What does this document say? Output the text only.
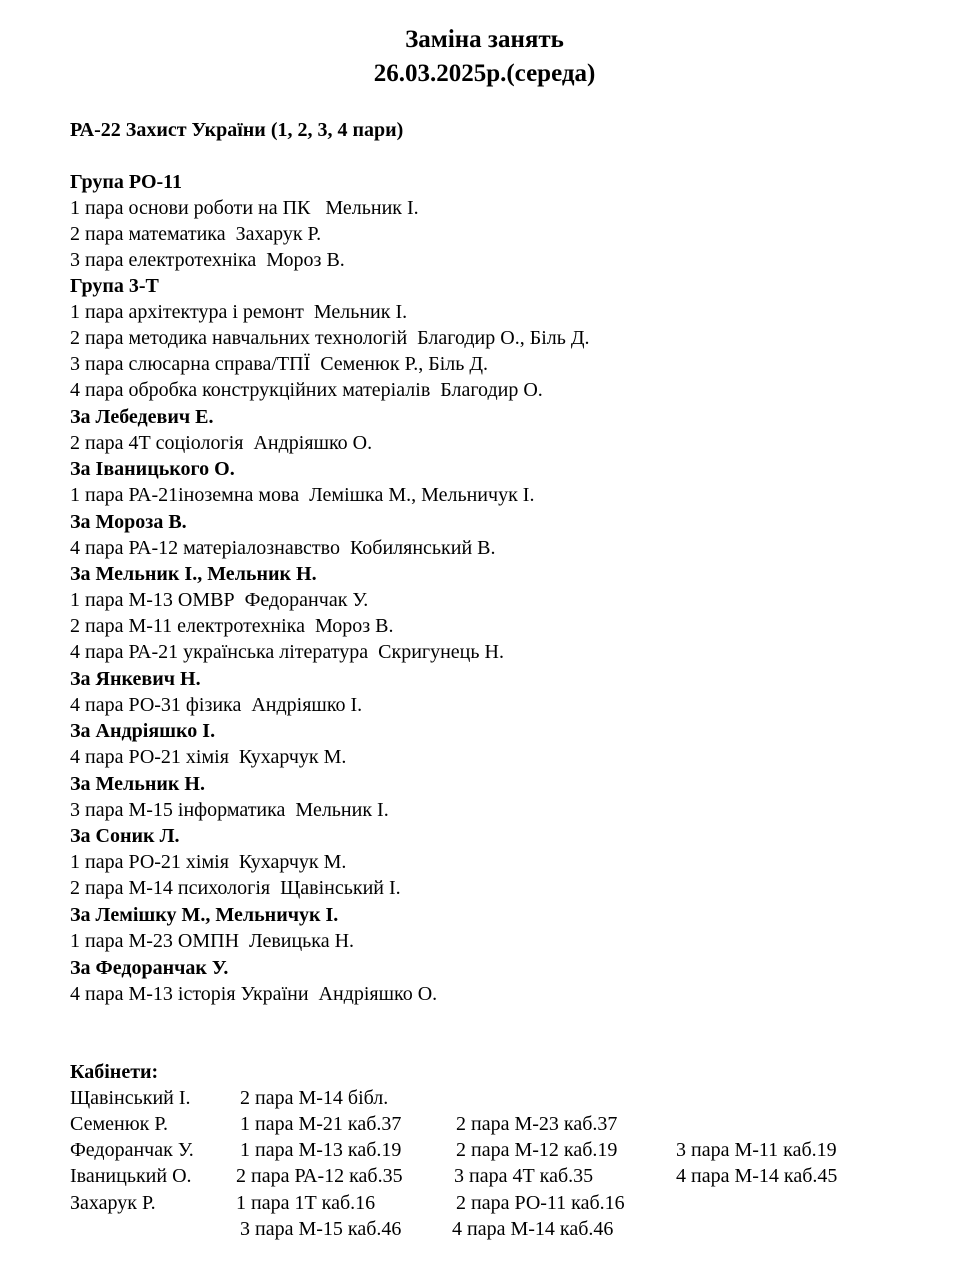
Заміна занять
26.03.2025р.(середа)
РА-22 Захист України (1, 2, 3, 4 пари)
Група РО-11
1 пара основи роботи на ПК   Мельник І.
2 пара математика  Захарук Р.
3 пара електротехніка  Мороз В.
Група 3-Т
1 пара архітектура і ремонт  Мельник І.
2 пара методика навчальних технологій  Благодир О., Біль Д.
3 пара слюсарна справа/ТПЇ  Семенюк Р., Біль Д.
4 пара обробка конструкційних матеріалів  Благодир О.
За Лебедевич Е.
2 пара 4Т соціологія  Андріяшко О.
За Іваницького О.
1 пара РА-21іноземна мова  Лемішка М., Мельничук І.
За Мороза В.
4 пара РА-12 матеріалознавство  Кобилянський В.
За Мельник І., Мельник Н.
1 пара М-13 ОМВР  Федоранчак У.
2 пара М-11 електротехніка  Мороз В.
4 пара РА-21 українська література  Скригунець Н.
За Янкевич Н.
4 пара РО-31 фізика  Андріяшко І.
За Андріяшко І.
4 пара РО-21 хімія  Кухарчук М.
За Мельник Н.
3 пара М-15 інформатика  Мельник І.
За Соник Л.
1 пара РО-21 хімія  Кухарчук М.
2 пара М-14 психологія  Щавінський І.
За Лемішку М., Мельничук І.
1 пара М-23 ОМПН  Левицька Н.
За Федоранчак У.
4 пара М-13 історія України  Андріяшко О.
Кабінети:
Щавінський І. 2 пара М-14 бібл.
Семенюк Р.	1 пара М-21 каб.37	2 пара М-23 каб.37
Федоранчак У. 1 пара М-13 каб.19	2 пара М-12 каб.19	3 пара М-11 каб.19
Іваницький О. 2 пара РА-12 каб.35	3 пара 4Т каб.35	4 пара М-14 каб.45
Захарук Р.	1 пара 1Т каб.16	2 пара РО-11 каб.16
3 пара М-15 каб.46	4 пара М-14 каб.46
